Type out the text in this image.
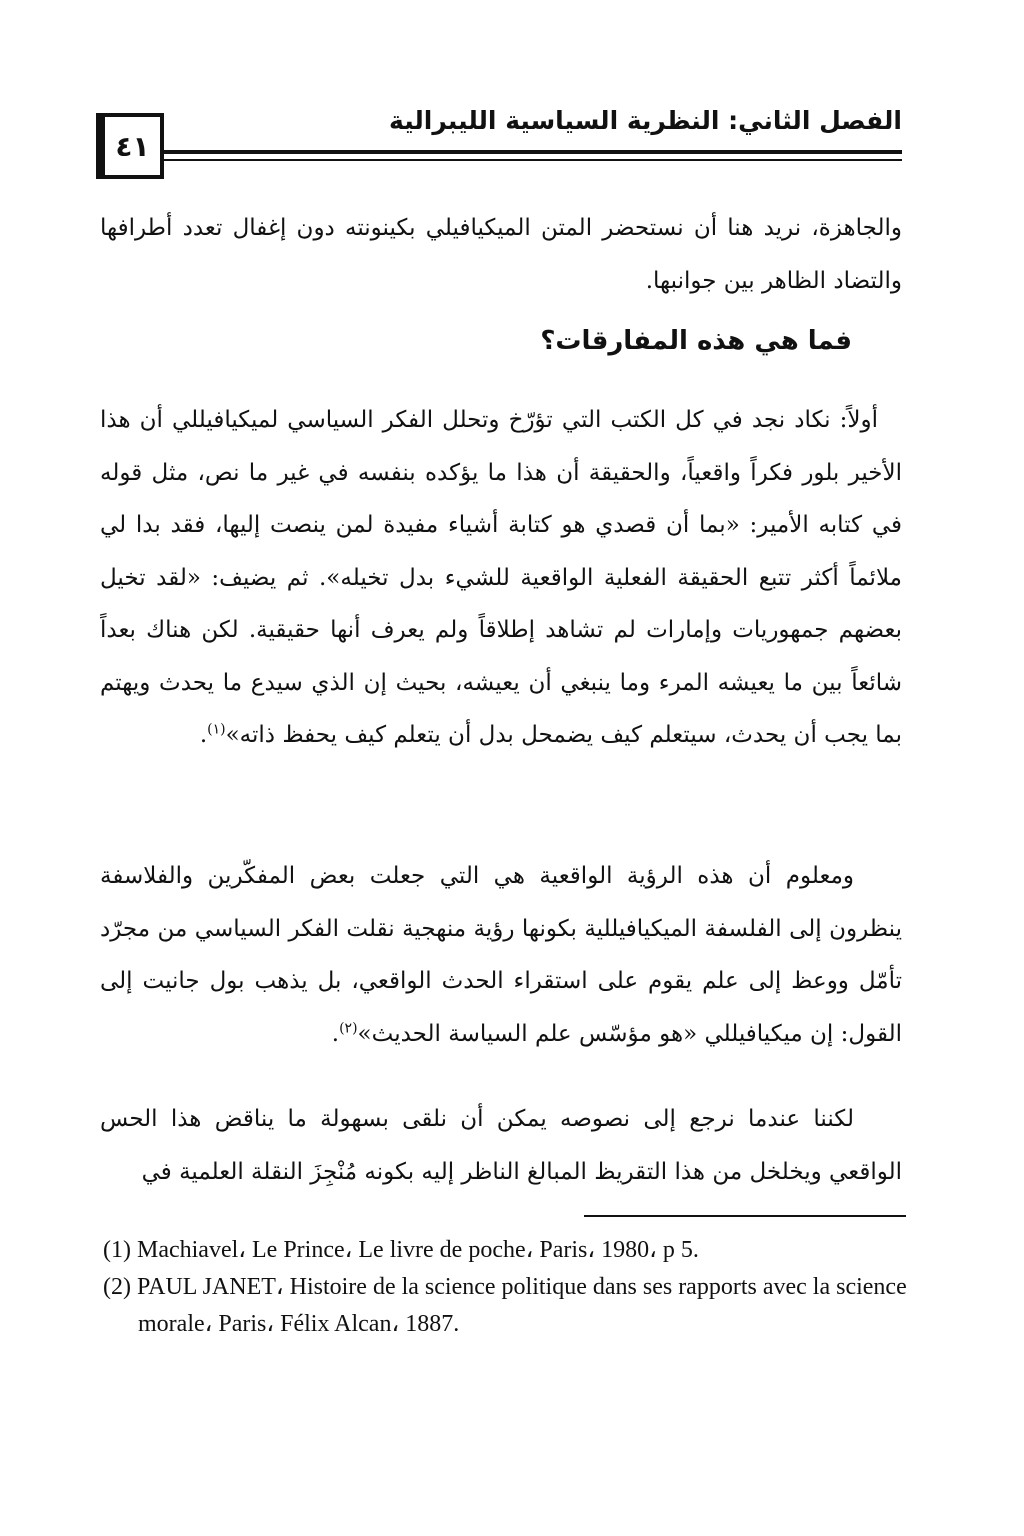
الفصل الثاني: النظرية السياسية الليبرالية
٤١

والجاهزة، نريد هنا أن نستحضر المتن الميكيافيلي بكينونته دون إغفال تعدد أطرافها والتضاد الظاهر بين جوانبها.

فما هي هذه المفارقات؟

أولاً: نكاد نجد في كل الكتب التي تؤرّخ وتحلل الفكر السياسي لميكيافيللي أن هذا الأخير بلور فكراً واقعياً، والحقيقة أن هذا ما يؤكده بنفسه في غير ما نص، مثل قوله في كتابه الأمير: «بما أن قصدي هو كتابة أشياء مفيدة لمن ينصت إليها، فقد بدا لي ملائماً أكثر تتبع الحقيقة الفعلية الواقعية للشيء بدل تخيله». ثم يضيف: «لقد تخيل بعضهم جمهوريات وإمارات لم تشاهد إطلاقاً ولم يعرف أنها حقيقية. لكن هناك بعداً شائعاً بين ما يعيشه المرء وما ينبغي أن يعيشه، بحيث إن الذي سيدع ما يحدث ويهتم بما يجب أن يحدث، سيتعلم كيف يضمحل بدل أن يتعلم كيف يحفظ ذاته»$^{(١)}$.

ومعلوم أن هذه الرؤية الواقعية هي التي جعلت بعض المفكّرين والفلاسفة ينظرون إلى الفلسفة الميكيافيللية بكونها رؤية منهجية نقلت الفكر السياسي من مجرّد تأمّل ووعظ إلى علم يقوم على استقراء الحدث الواقعي، بل يذهب بول جانيت إلى القول: إن ميكيافيللي «هو مؤسّس علم السياسة الحديث»$^{(٢)}$.

لكننا عندما نرجع إلى نصوصه يمكن أن نلقى بسهولة ما يناقض هذا الحس الواقعي ويخلخل من هذا التقريظ المبالغ الناظر إليه بكونه مُنْجِزَ النقلة العلمية في

(1) Machiavel، Le Prince، Le livre de poche، Paris، 1980، p 5.
(2) PAUL JANET، Histoire de la science politique dans ses rapports avec la science morale، Paris، Félix Alcan، 1887.
